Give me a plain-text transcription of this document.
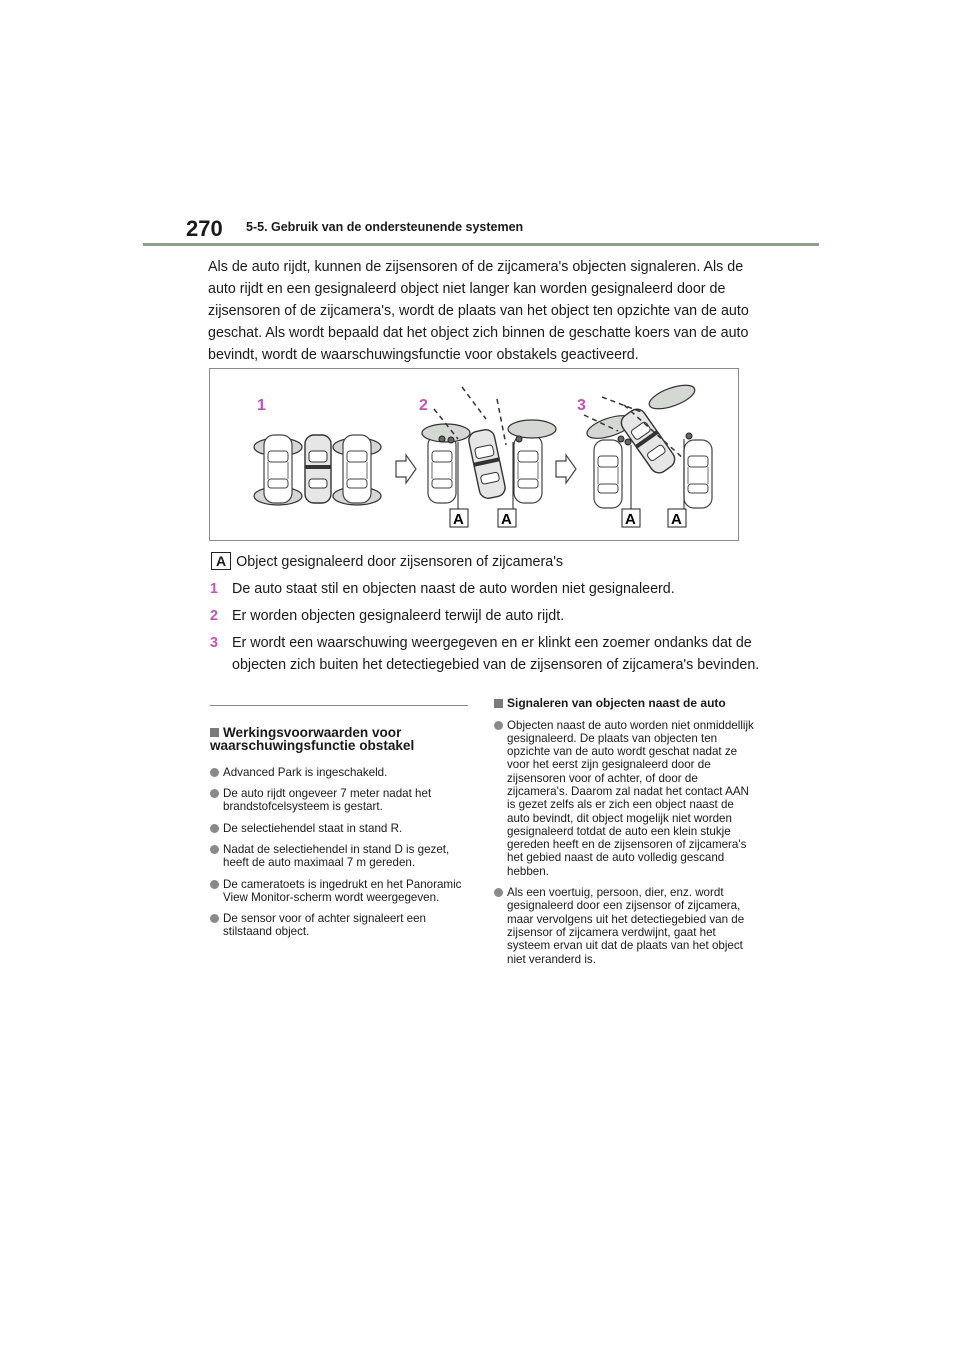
270 5-5. Gebruik van de ondersteunende systemen

Als de auto rijdt, kunnen de zijsensoren of de zijcamera's objecten signaleren. Als de auto rijdt en een gesignaleerd object niet langer kan worden gesignaleerd door de zijsensoren of de zijcamera's, wordt de plaats van het object ten opzichte van de auto geschat. Als wordt bepaald dat het object zich binnen de geschatte koers van de auto bevindt, wordt de waarschuwingsfunctie voor obstakels geactiveerd.

1	2	3
A A	A A
A Object gesignaleerd door zijsensoren of zijcamera's
1 De auto staat stil en objecten naast de auto worden niet gesignaleerd.
2 Er worden objecten gesignaleerd terwijl de auto rijdt.
3 Er wordt een waarschuwing weergegeven en er klinkt een zoemer ondanks dat de objecten zich buiten het detectiegebied van de zijsensoren of zijcamera's bevinden.
Werkingsvoorwaarden voor waarschuwingsfunctie obstakel
Advanced Park is ingeschakeld.
De auto rijdt ongeveer 7 meter nadat het brandstofcelsysteem is gestart.
De selectiehendel staat in stand R.
Nadat de selectiehendel in stand D is gezet, heeft de auto maximaal 7 m gereden.
De cameratoets is ingedrukt en het Panoramic View Monitor-scherm wordt weergegeven.
De sensor voor of achter signaleert een stilstaand object.
Signaleren van objecten naast de auto
Objecten naast de auto worden niet onmiddellijk gesignaleerd. De plaats van objecten ten opzichte van de auto wordt geschat nadat ze voor het eerst zijn gesignaleerd door de zijsensoren voor of achter, of door de zijcamera's. Daarom zal nadat het contact AAN is gezet zelfs als er zich een object naast de auto bevindt, dit object mogelijk niet worden gesignaleerd totdat de auto een klein stukje gereden heeft en de zijsensoren of zijcamera's het gebied naast de auto volledig gescand hebben.
Als een voertuig, persoon, dier, enz. wordt gesignaleerd door een zijsensor of zijcamera, maar vervolgens uit het detectiegebied van de zijsensor of zijcamera verdwijnt, gaat het systeem ervan uit dat de plaats van het object niet veranderd is.
